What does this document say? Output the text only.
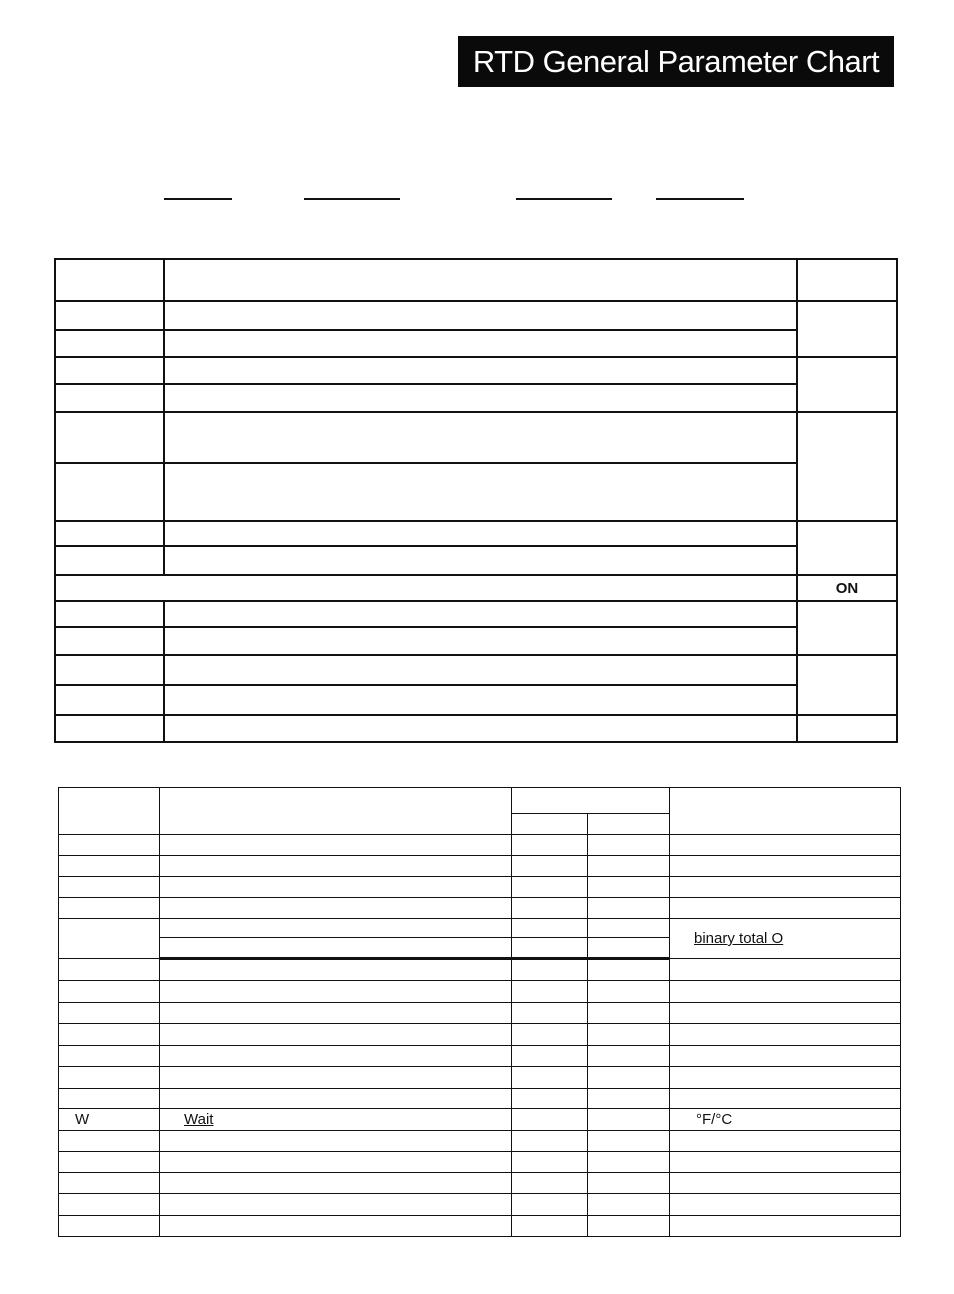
RTD General Parameter Chart

		ON

				binary total O

W	Wait			°F/°C
